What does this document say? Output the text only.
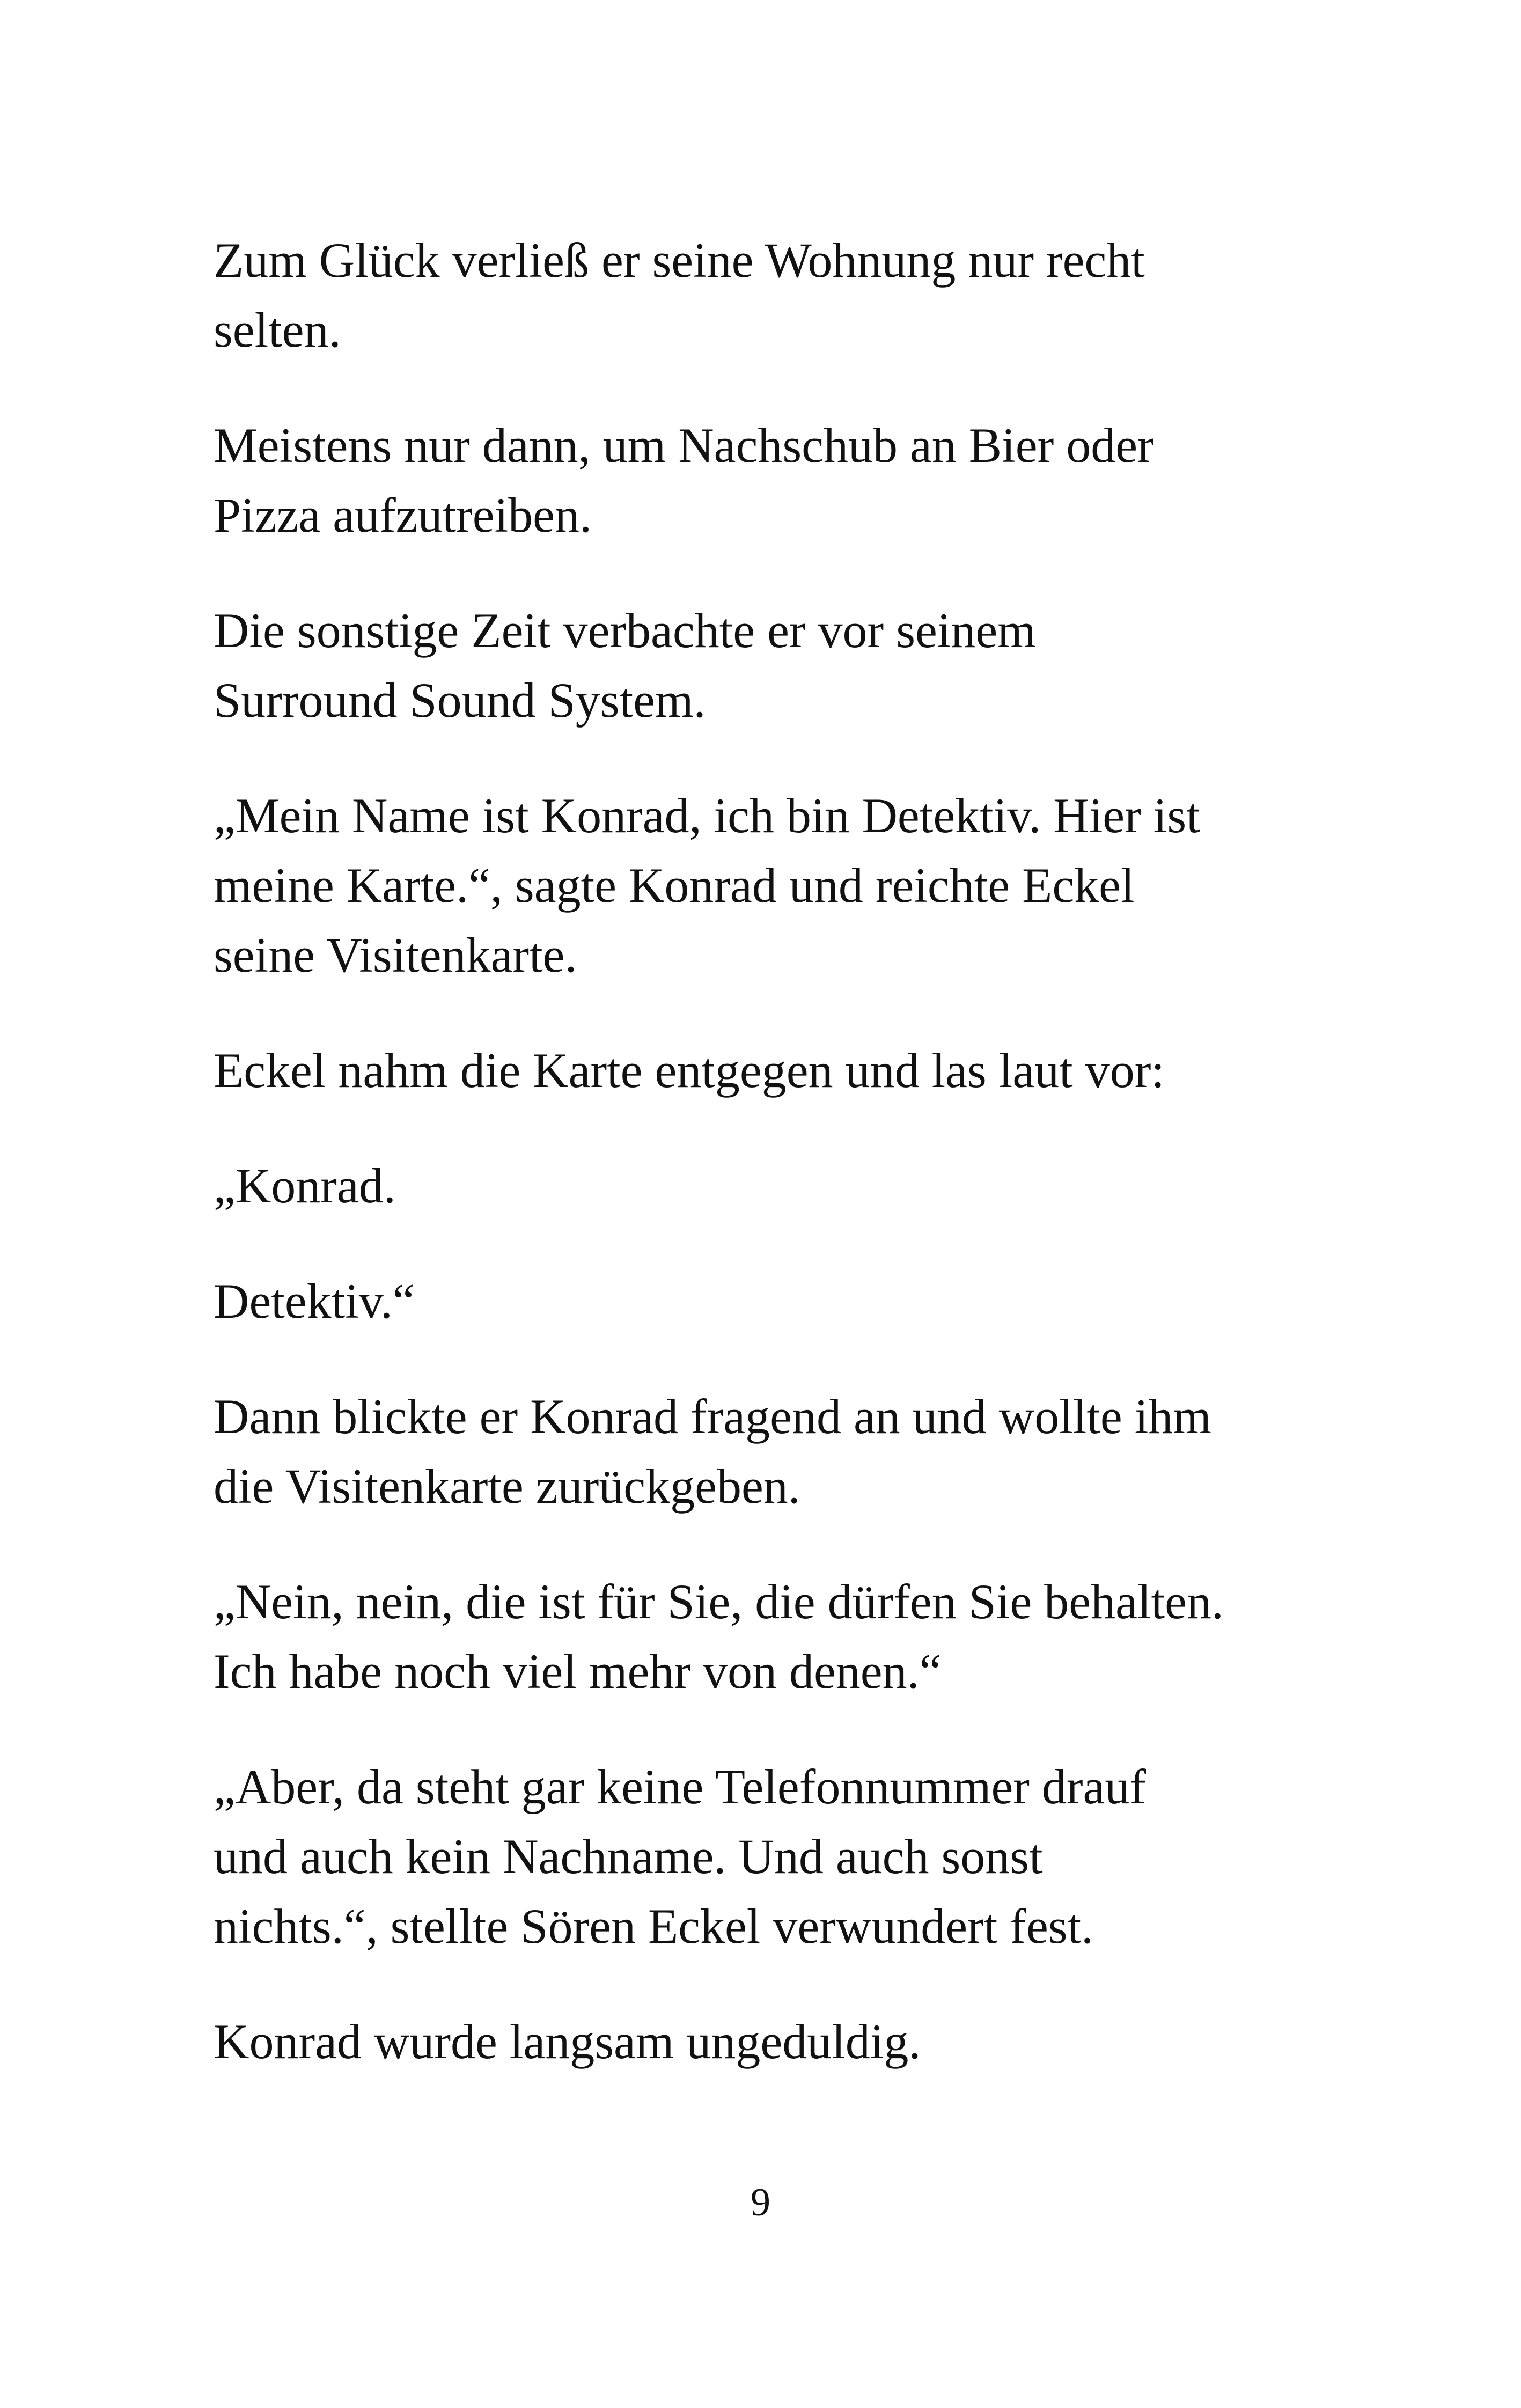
Zum Glück verließ er seine Wohnung nur recht
selten.

Meistens nur dann, um Nachschub an Bier oder
Pizza aufzutreiben.

Die sonstige Zeit verbachte er vor seinem
Surround Sound System.

„Mein Name ist Konrad, ich bin Detektiv. Hier ist
meine Karte.“, sagte Konrad und reichte Eckel
seine Visitenkarte.

Eckel nahm die Karte entgegen und las laut vor:

„Konrad.

Detektiv.“

Dann blickte er Konrad fragend an und wollte ihm
die Visitenkarte zurückgeben.

„Nein, nein, die ist für Sie, die dürfen Sie behalten.
Ich habe noch viel mehr von denen.“

„Aber, da steht gar keine Telefonnummer drauf
und auch kein Nachname. Und auch sonst
nichts.“, stellte Sören Eckel verwundert fest.

Konrad wurde langsam ungeduldig.

9
